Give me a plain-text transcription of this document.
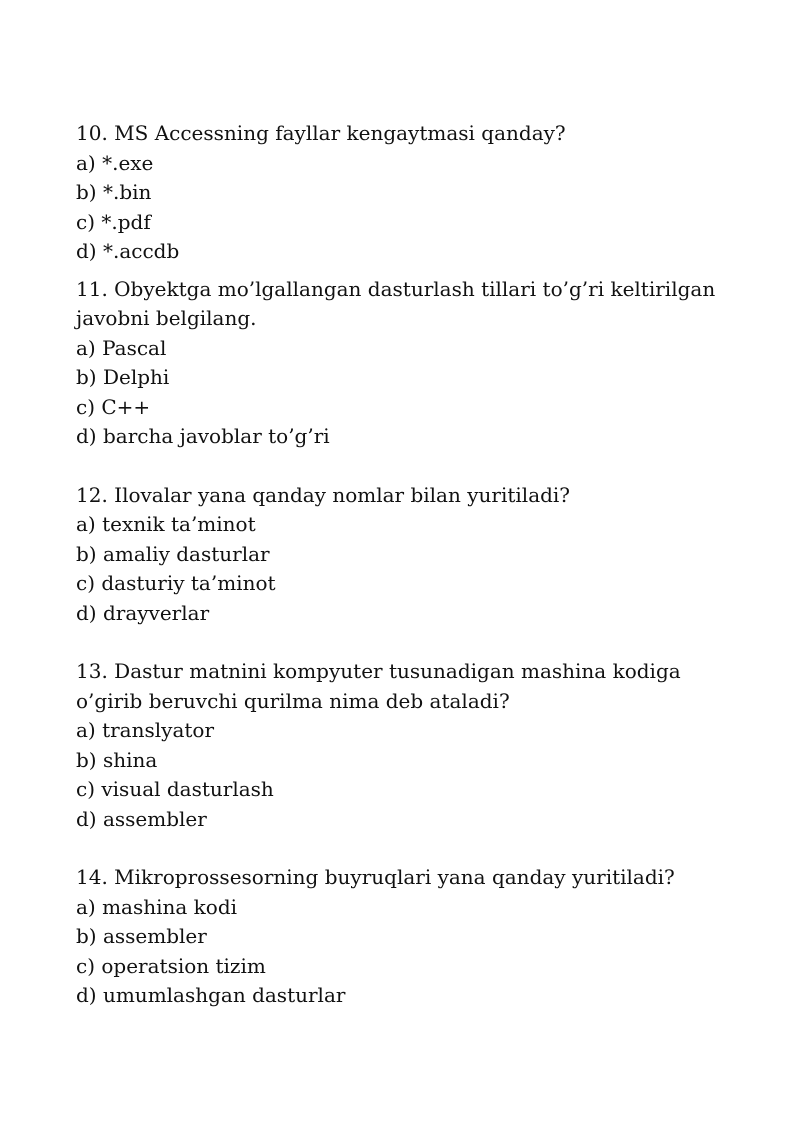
10. MS Accessning fayllar kengaytmasi qanday?

a) *.exe
b) *.bin
c) *.pdf
d) *.accdb

11. Obyektga mo’lgallangan dasturlash tillari to’g’ri keltirilgan javobni belgilang.

a) Pascal
b) Delphi
c) C++
d) barcha javoblar to’g’ri

12. Ilovalar yana qanday nomlar bilan yuritiladi?

a) texnik ta’minot
b) amaliy dasturlar
c) dasturiy ta’minot
d) drayverlar

13. Dastur matnini kompyuter tusunadigan mashina kodiga o’girib beruvchi qurilma nima deb ataladi?

a) translyator
b) shina
c) visual dasturlash
d) assembler

14. Mikroprossesorning buyruqlari yana qanday yuritiladi?

a) mashina kodi
b) assembler
c) operatsion tizim
d) umumlashgan dasturlar
